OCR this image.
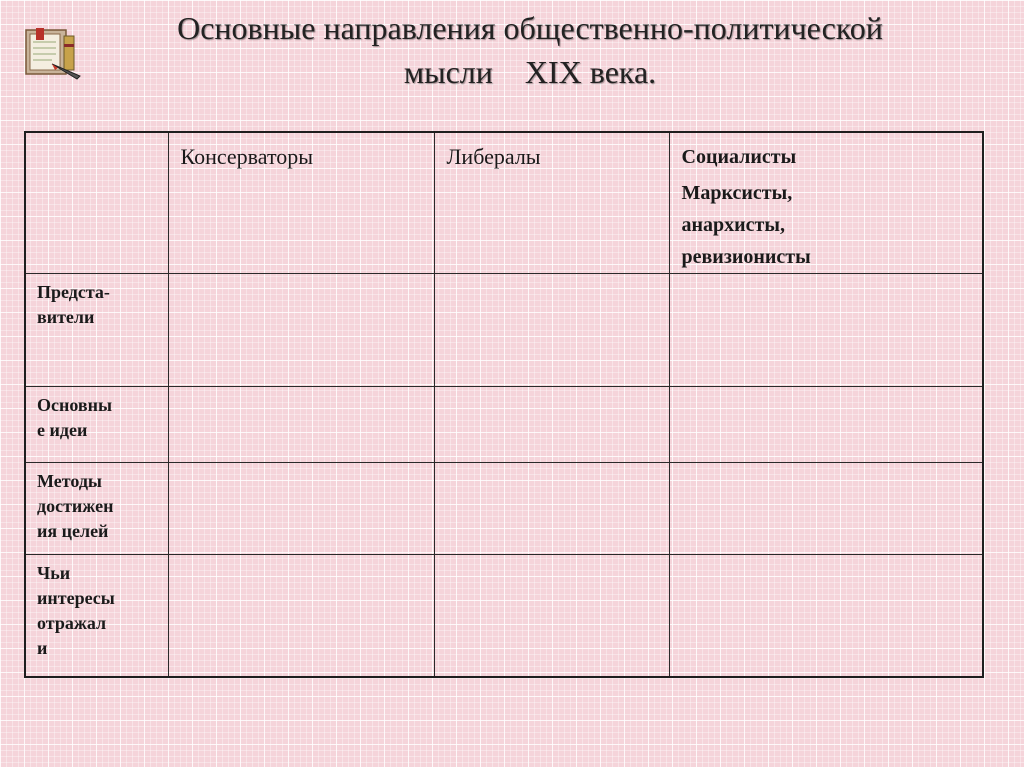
Основные направления общественно-политической
мысли    XIX века.

	Консерваторы	Либералы	Социалисты
Марксисты,
анархисты,
ревизионисты

Предста-
вители			

Основны
е идеи			

Методы
достижен
ия целей			

Чьи
интересы
отражал
и			
